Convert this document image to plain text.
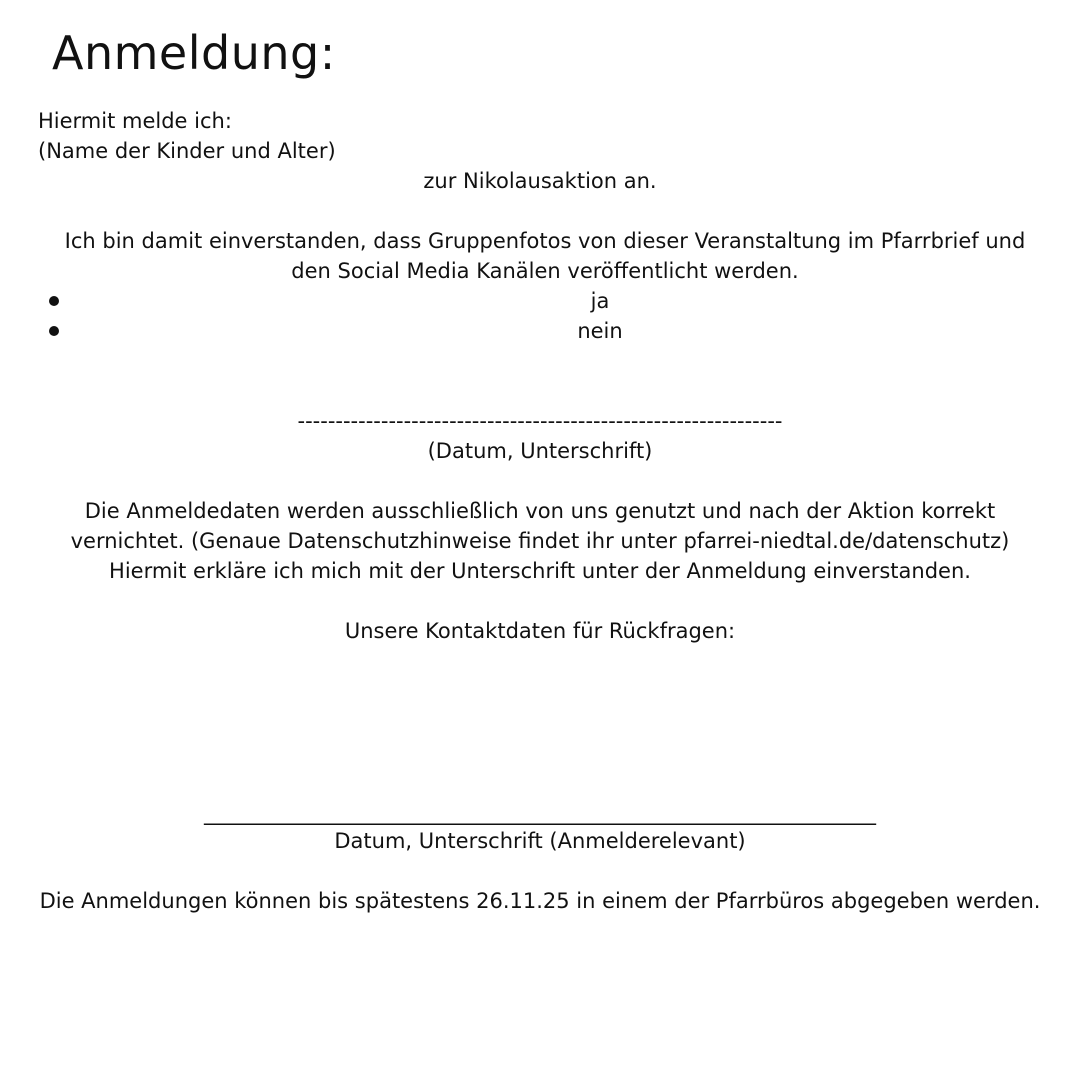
Anmeldung:
Hiermit melde ich:
(Name der Kinder und Alter)
zur Nikolausaktion an.
Ich bin damit einverstanden, dass Gruppenfotos von dieser Veranstaltung im Pfarrbrief und
den Social Media Kanälen veröffentlicht werden.
ja
nein
----------------------------------------------------------------
(Datum, Unterschrift)
Die Anmeldedaten werden ausschließlich von uns genutzt und nach der Aktion korrekt
vernichtet. (Genaue Datenschutzhinweise findet ihr unter pfarrei-niedtal.de/datenschutz)
Hiermit erkläre ich mich mit der Unterschrift unter der Anmeldung einverstanden.
Unsere Kontaktdaten für Rückfragen:
________________________________________________________________
Datum, Unterschrift (Anmelderelevant)
Die Anmeldungen können bis spätestens 26.11.25 in einem der Pfarrbüros abgegeben werden.
